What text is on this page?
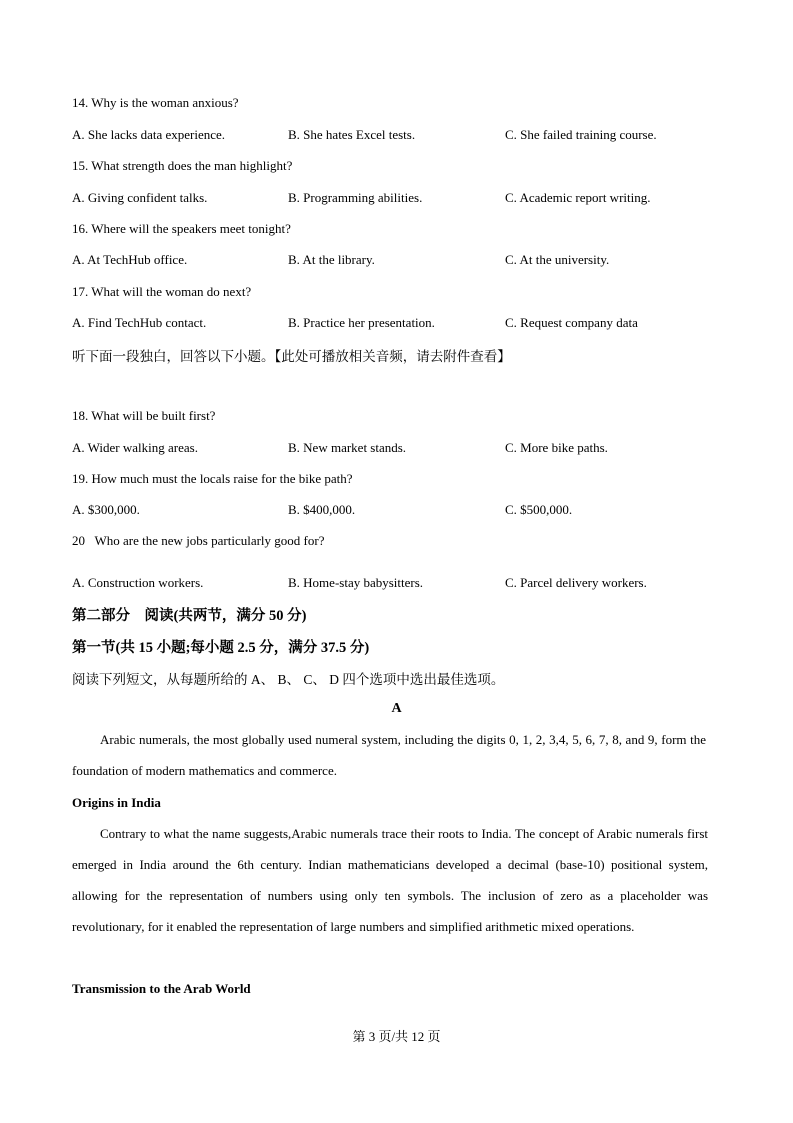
14. Why is the woman anxious?
A. She lacks data experience.	B. She hates Excel tests.	C. She failed training course.
15. What strength does the man highlight?
A. Giving confident talks.	B. Programming abilities.	C. Academic report writing.
16. Where will the speakers meet tonight?
A. At TechHub office.	B. At the library.	C. At the university.
17. What will the woman do next?
A. Find TechHub contact.	B. Practice her presentation.	C. Request company data
听下面一段独白，回答以下小题。【此处可播放相关音频，请去附件查看】
18. What will be built first?
A. Wider walking areas.	B. New market stands.	C. More bike paths.
19. How much must the locals raise for the bike path?
A. $300,000.	B. $400,000.	C. $500,000.
20   Who are the new jobs particularly good for?
A. Construction workers.	B. Home-stay babysitters.	C. Parcel delivery workers.
第二部分    阅读(共两节，满分 50 分)
第一节(共 15 小题;每小题 2.5 分，满分 37.5 分)
阅读下列短文，从每题所给的 A、 B、 C、 D 四个选项中选出最佳选项。
A
Arabic numerals, the most globally used numeral system, including the digits 0, 1, 2, 3,4, 5, 6, 7, 8, and 9, form the foundation of modern mathematics and commerce.
Origins in India
Contrary to what the name suggests,Arabic numerals trace their roots to India. The concept of Arabic numerals first emerged in India around the 6th century. Indian mathematicians developed a decimal (base-10) positional system, allowing for the representation of numbers using only ten symbols. The inclusion of zero as a placeholder was revolutionary, for it enabled the representation of large numbers and simplified arithmetic mixed operations.
Transmission to the Arab World
第 3 页/共 12 页
